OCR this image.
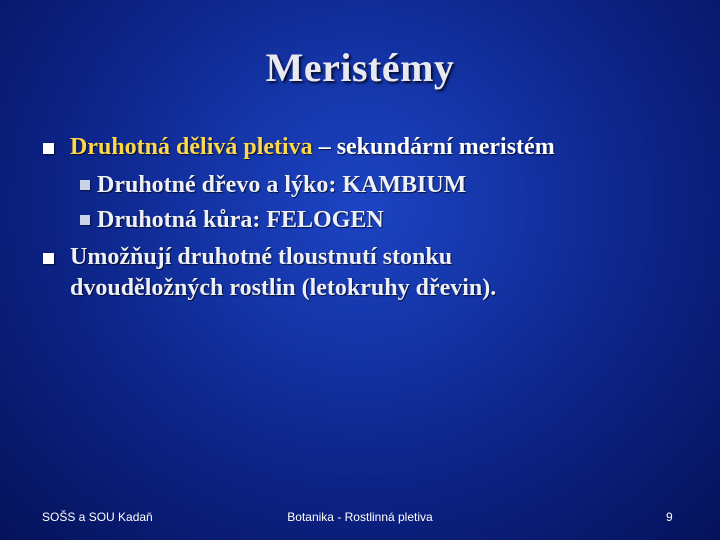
Meristémy
Druhotná dělivá pletiva – sekundární meristém
Druhotné dřevo a lýko: KAMBIUM
Druhotná kůra: FELOGEN
Umožňují druhotné tloustnutí stonku
dvouděložných rostlin (letokruhy dřevin).
SOŠS a SOU Kadaň	Botanika - Rostlinná pletiva	9
